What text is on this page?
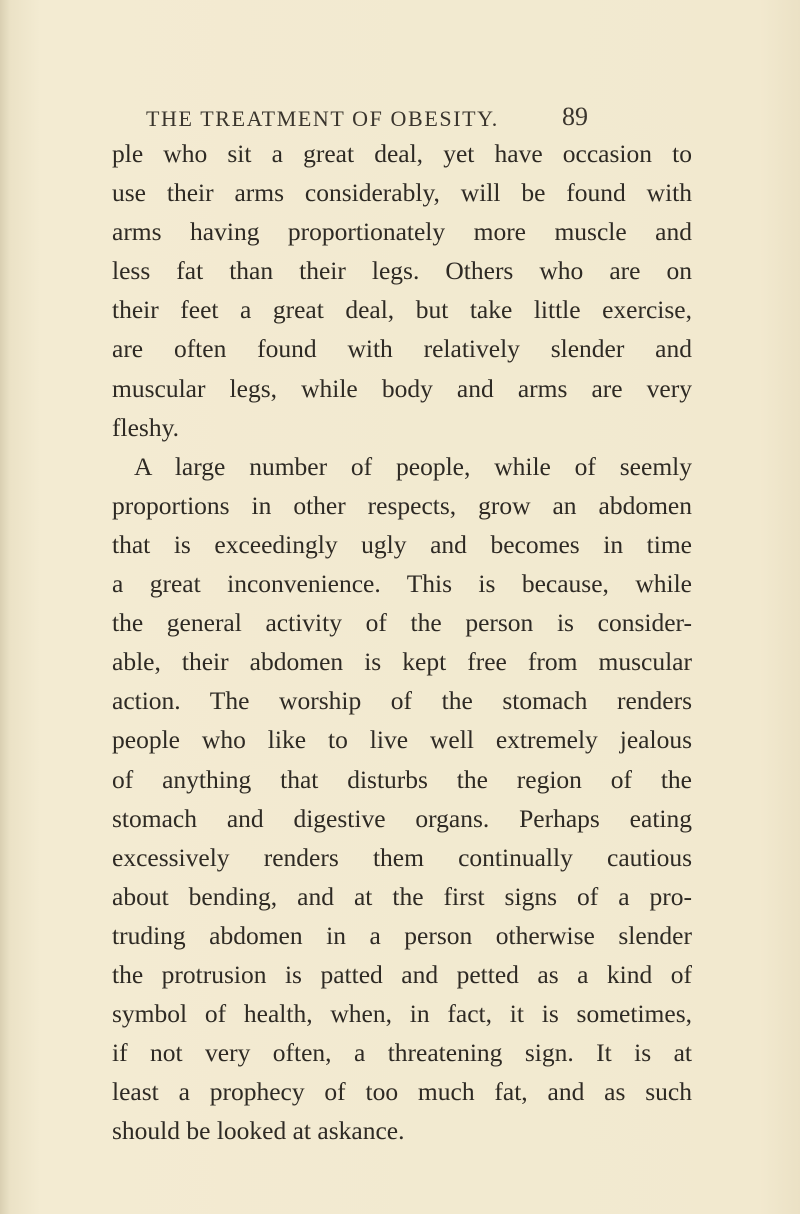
THE TREATMENT OF OBESITY. 89
ple who sit a great deal, yet have occasion to
use their arms considerably, will be found with
arms having proportionately more muscle and
less fat than their legs. Others who are on
their feet a great deal, but take little exercise,
are often found with relatively slender and
muscular legs, while body and arms are very
fleshy.
A large number of people, while of seemly
proportions in other respects, grow an abdomen
that is exceedingly ugly and becomes in time
a great inconvenience. This is because, while
the general activity of the person is consider-
able, their abdomen is kept free from muscular
action. The worship of the stomach renders
people who like to live well extremely jealous
of anything that disturbs the region of the
stomach and digestive organs. Perhaps eating
excessively renders them continually cautious
about bending, and at the first signs of a pro-
truding abdomen in a person otherwise slender
the protrusion is patted and petted as a kind of
symbol of health, when, in fact, it is sometimes,
if not very often, a threatening sign. It is at
least a prophecy of too much fat, and as such
should be looked at askance.
